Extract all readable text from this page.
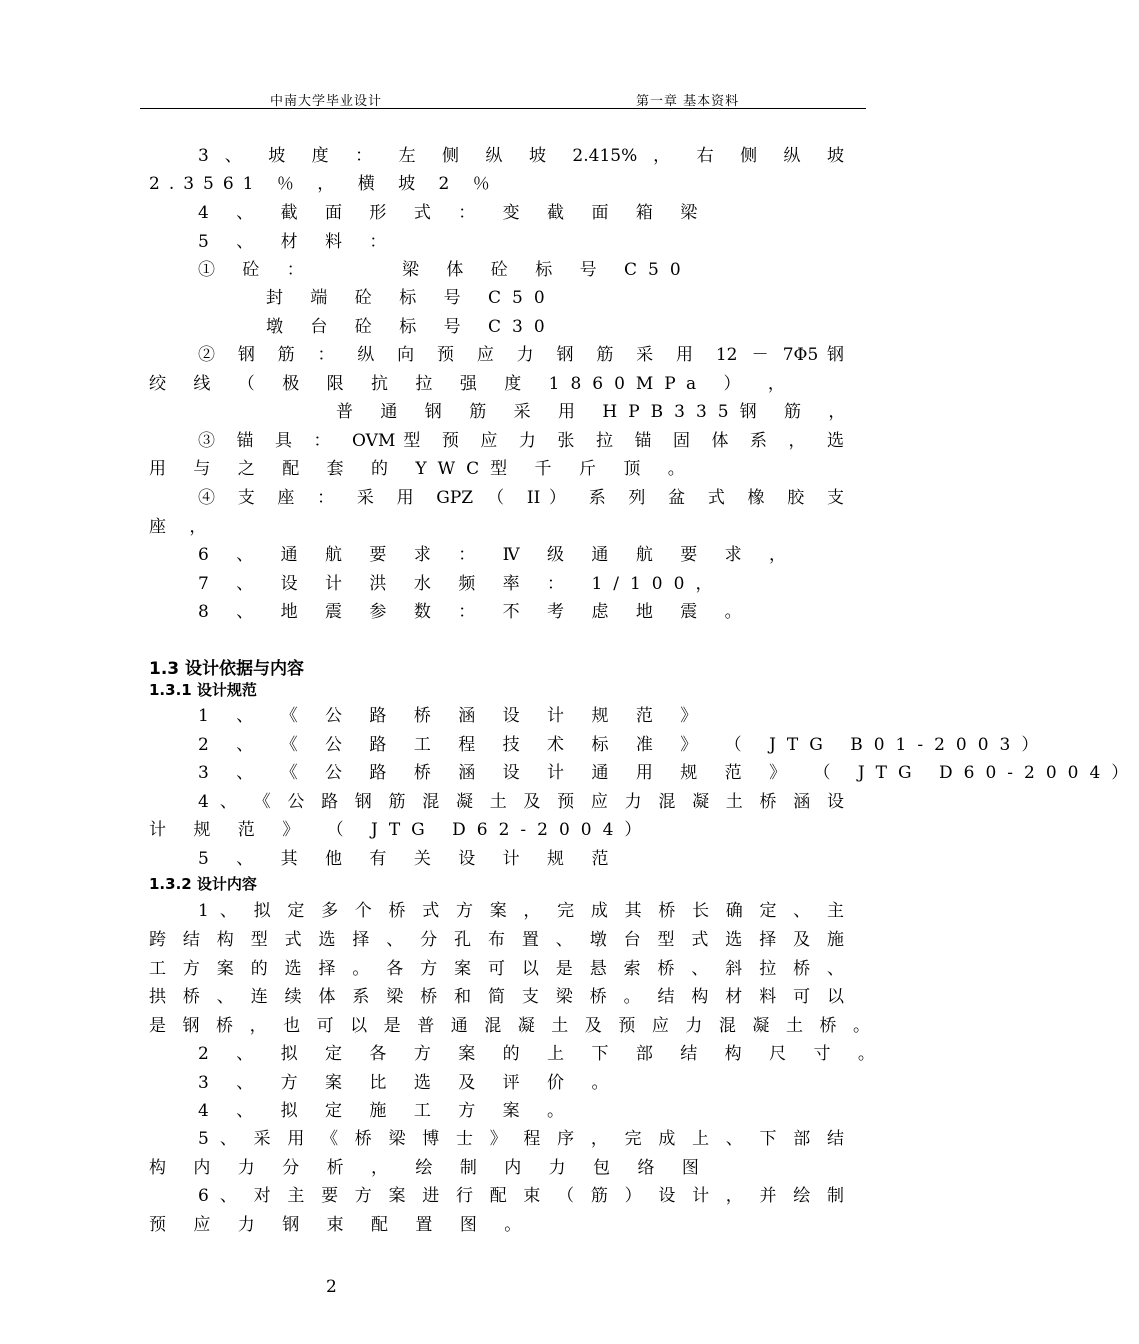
中南大学毕业设计	第一章 基本资料
3 、 坡 度 ： 左 侧 纵 坡 2.415% ， 右 侧 纵 坡
2.3561 ％ ， 横 坡 2 ％
4 、 截 面 形 式 ： 变 截 面 箱 梁
5 、 材 料 ：
① 砼 ：	梁 体 砼 标 号 C50
封 端 砼 标 号 C50
墩 台 砼 标 号 C30
② 钢 筋 ： 纵 向 预 应 力 钢 筋 采 用 12 － 7Φ5钢
绞 线 （ 极 限 抗 拉 强 度 1860MPa ） ，
普 通 钢 筋 采 用 HPB335钢 筋 ，
③ 锚 具 ： OVM型 预 应 力 张 拉 锚 固 体 系 ， 选
用 与 之 配 套 的 YWC型 千 斤 顶 。
④ 支 座 ： 采 用 GPZ （ II） 系 列 盆 式 橡 胶 支
座 ，
6 、 通 航 要 求 ： Ⅳ 级 通 航 要 求 ，
7 、 设 计 洪 水 频 率 ： 1/100，
8 、 地 震 参 数 ： 不 考 虑 地 震 。
1.3 设计依据与内容
1.3.1 设计规范
1 、 《 公 路 桥 涵 设 计 规 范 》
2 、 《 公 路 工 程 技 术 标 准 》 （ JTG B01-2003）
3 、 《 公 路 桥 涵 设 计 通 用 规 范 》 （ JTG D60-2004）
4 、 《 公 路 钢 筋 混 凝 土 及 预 应 力 混 凝 土 桥 涵 设
计 规 范 》 （ JTG D62-2004）
5 、 其 他 有 关 设 计 规 范
1.3.2 设计内容
1 、 拟 定 多 个 桥 式 方 案 ， 完 成 其 桥 长 确 定 、 主
跨 结 构 型 式 选 择 、 分 孔 布 置 、 墩 台 型 式 选 择 及 施
工 方 案 的 选 择 。 各 方 案 可 以 是 悬 索 桥 、 斜 拉 桥 、
拱 桥 、 连 续 体 系 梁 桥 和 简 支 梁 桥 。 结 构 材 料 可 以
是 钢 桥 ， 也 可 以 是 普 通 混 凝 土 及 预 应 力 混 凝 土 桥 。
2 、 拟 定 各 方 案 的 上 下 部 结 构 尺 寸 。
3 、 方 案 比 选 及 评 价 。
4 、 拟 定 施 工 方 案 。
5 、 采 用 《 桥 梁 博 士 》 程 序 ， 完 成 上 、 下 部 结
构 内 力 分 析 ， 绘 制 内 力 包 络 图
6 、 对 主 要 方 案 进 行 配 束 （ 筋 ） 设 计 ， 并 绘 制
预 应 力 钢 束 配 置 图 。
2
